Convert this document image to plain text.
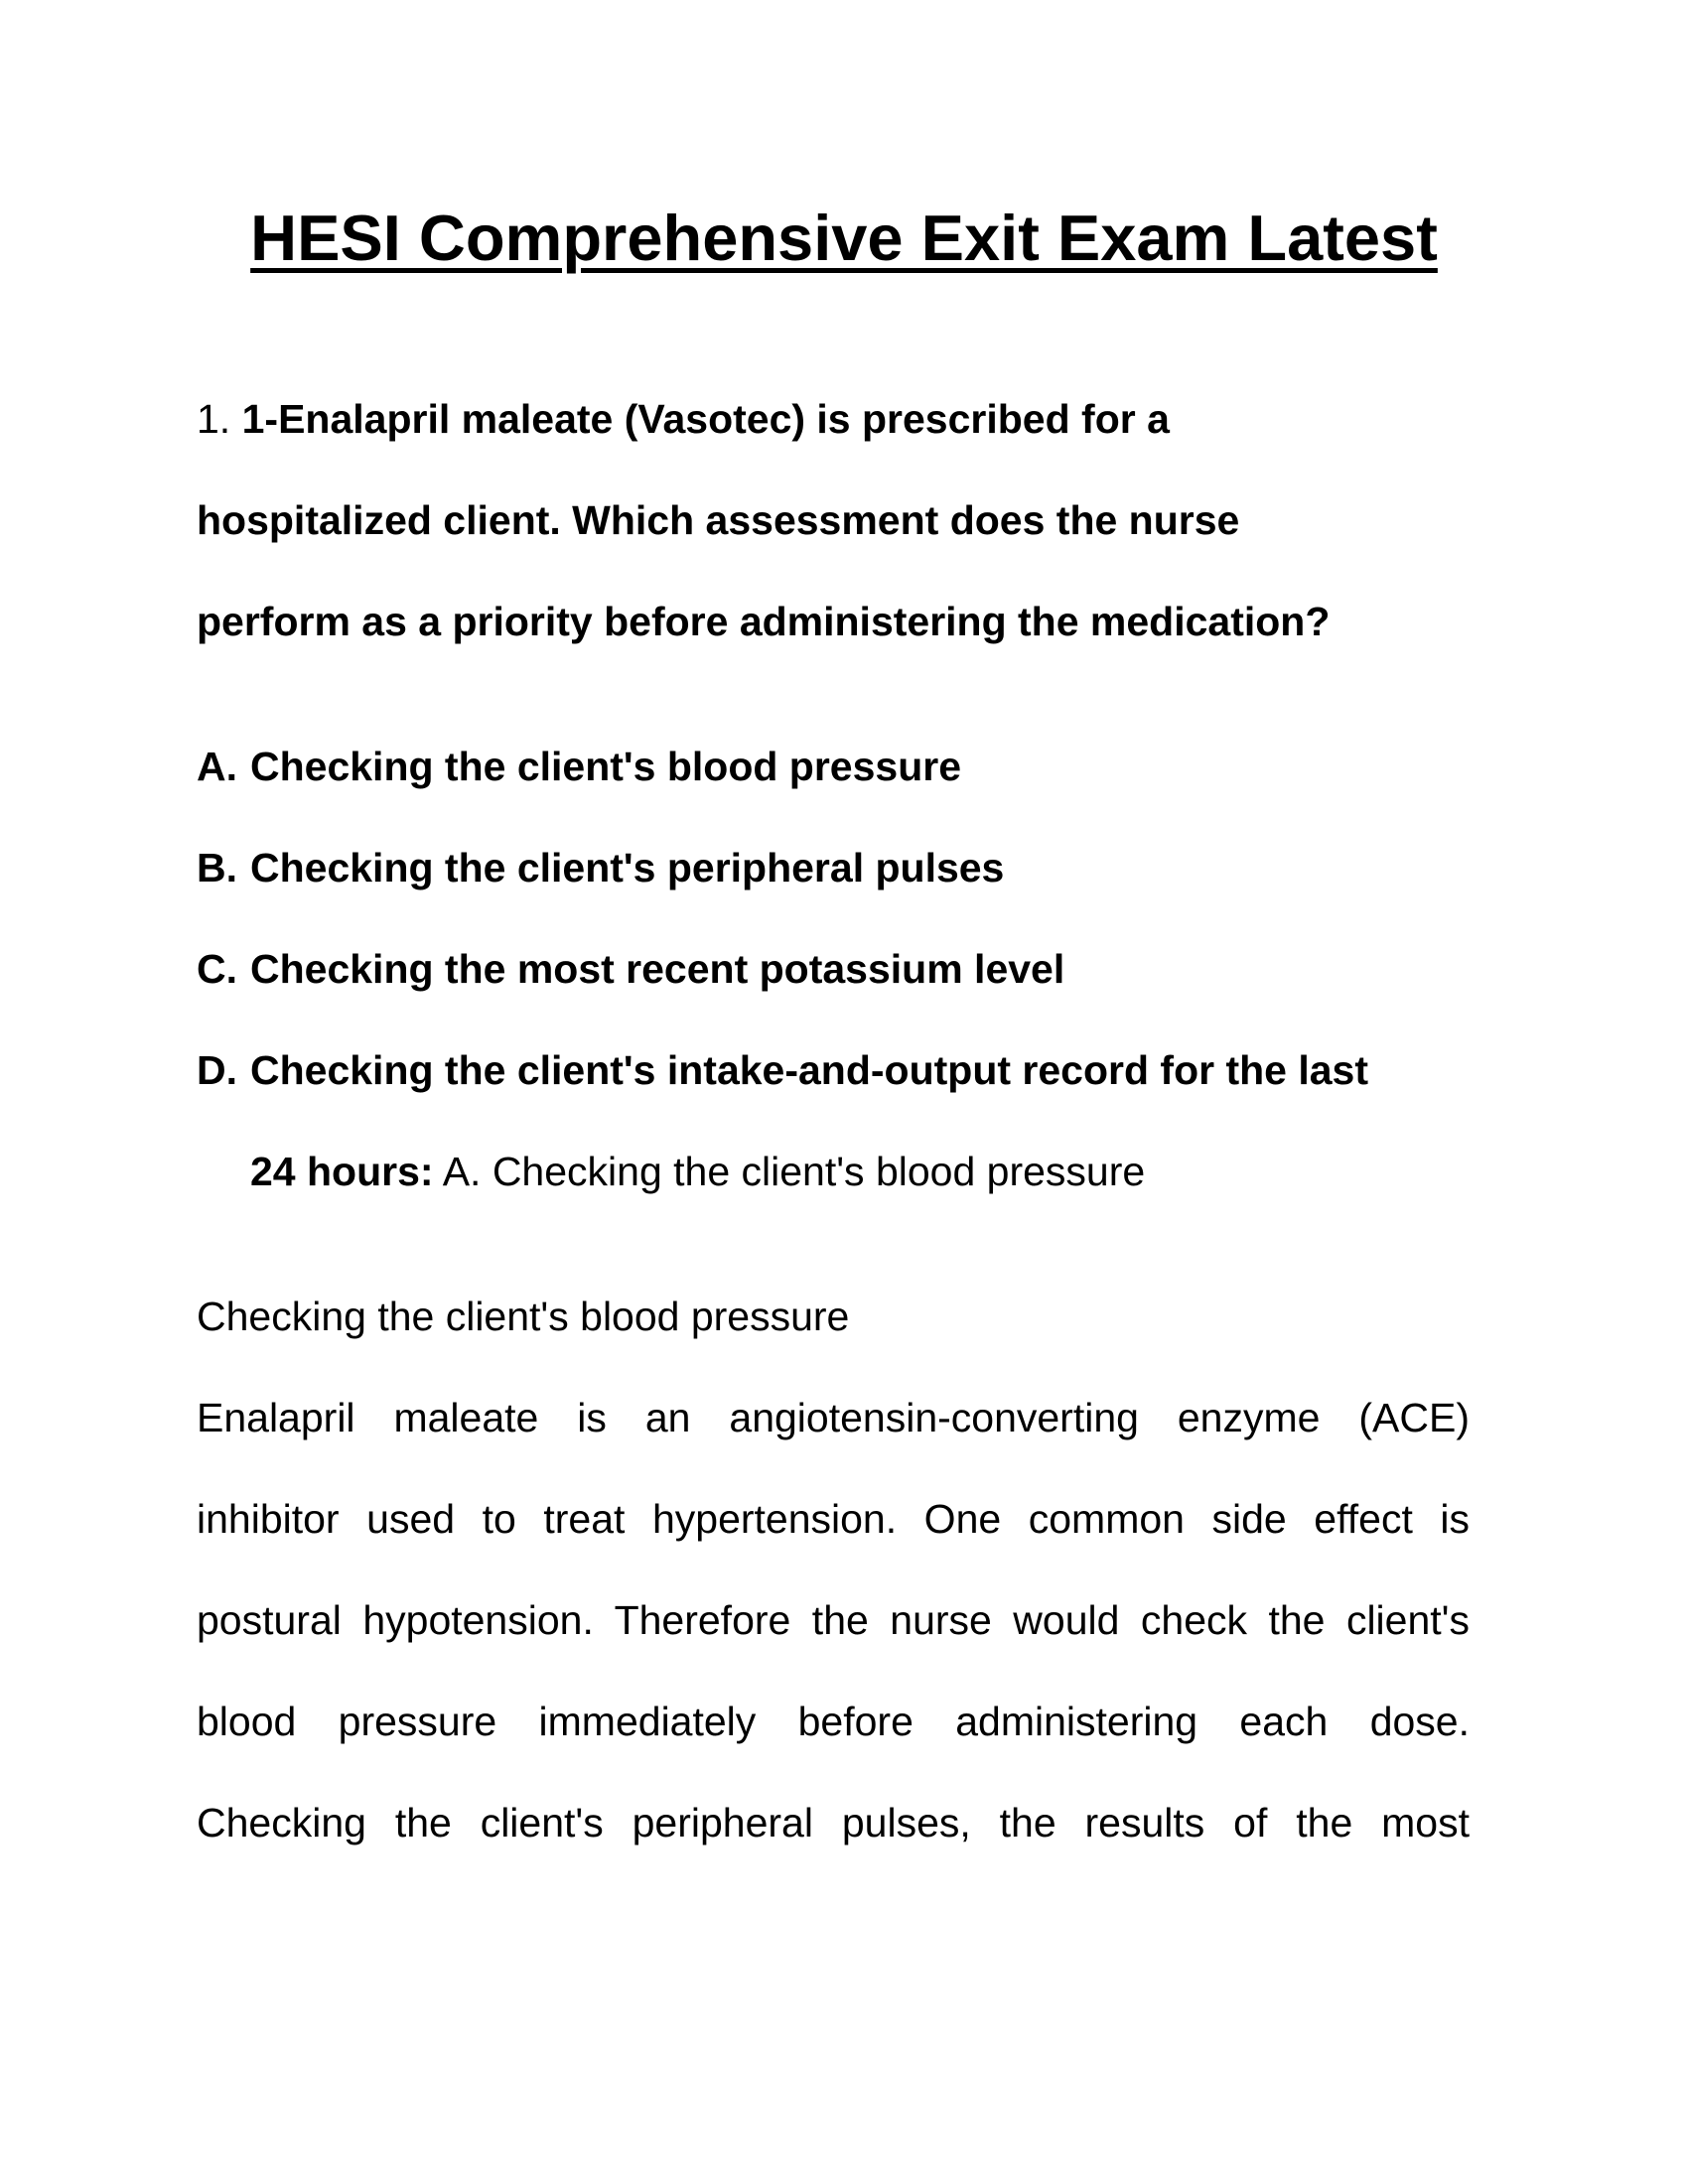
HESI Comprehensive Exit Exam Latest
1. 1-Enalapril maleate (Vasotec) is prescribed for a
hospitalized client. Which assessment does the nurse
perform as a priority before administering the medication?
A. Checking the client's blood pressure
B. Checking the client's peripheral pulses
C. Checking the most recent potassium level
D. Checking the client's intake-and-output record for the last
24 hours: A. Checking the client's blood pressure
Checking the client's blood pressure
Enalapril maleate is an angiotensin-converting enzyme (ACE)
inhibitor used to treat hypertension. One common side effect is
postural hypotension. Therefore the nurse would check the client's
blood pressure immediately before administering each dose.
Checking the client's peripheral pulses, the results of the most
